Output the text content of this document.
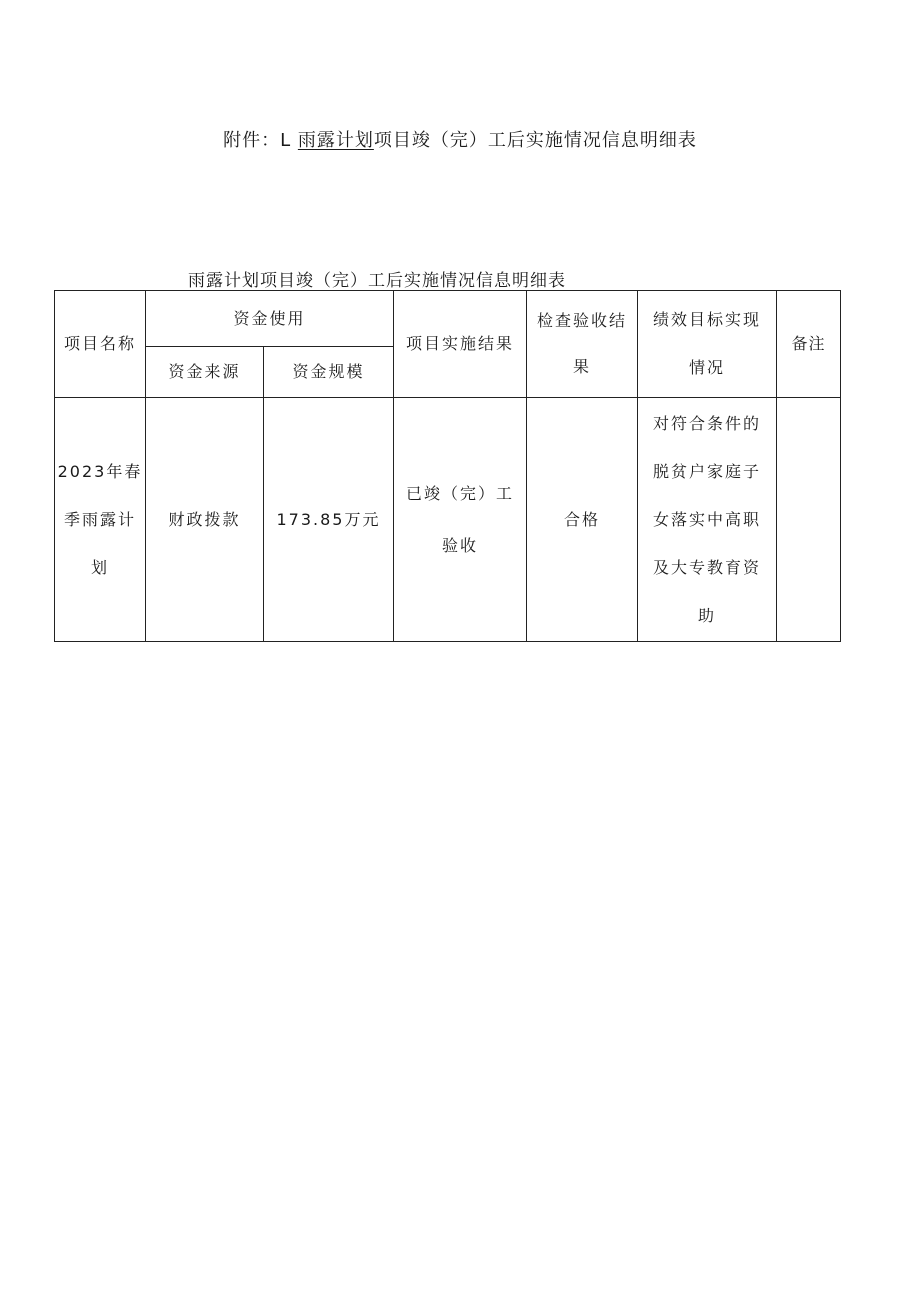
附件：L 雨露计划项目竣（完）工后实施情况信息明细表
雨露计划项目竣（完）工后实施情况信息明细表
项目名称	资金使用		项目实施结果	检查验收结果	绩效目标实现情况	备注
	资金来源	资金规模				
2023年春季雨露计划	财政拨款	173.85万元	已竣（完）工验收	合格	对符合条件的脱贫户家庭子女落实中高职及大专教育资助	
